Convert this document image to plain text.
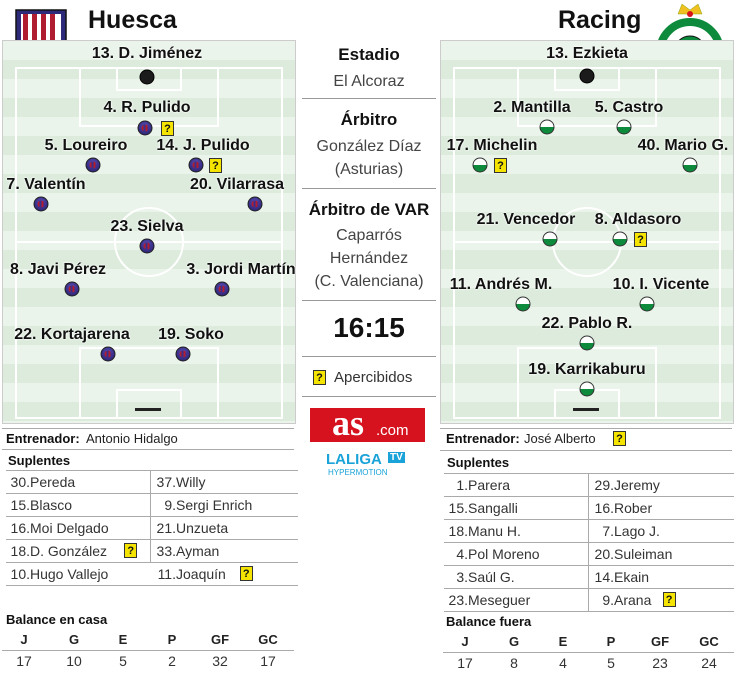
Huesca	Racing
13. D. Jiménez
4. R. Pulido
?
5. Loureiro 14. J. Pulido
?
7. Valentín	20. Vilarrasa
23. Sielva
8. Javi Pérez	3. Jordi Martín
22. Kortajarena 19. Soko
13. Ezkieta
2. Mantilla 5. Castro
17. Michelin
?
40. Mario G.
21. Vencedor 8. Aldasoro
?
11. Andrés M.	10. I. Vicente
22. Pablo R.
19. Karrikaburu
Estadio
El Alcoraz
Árbitro
González Díaz
(Asturias)
Árbitro de VAR
Caparrós
Hernández
(C. Valenciana)
16:15
? Apercibidos
as .com
LALIGA TV
HYPERMOTION
Entrenador: Antonio Hidalgo
Suplentes
30. Pereda	37. Willy
15. Blasco	9. Sergi Enrich
16. Moi Delgado	21. Unzueta
18. D. González ?	33. Ayman
10. Hugo Vallejo	11. Joaquín ?
Balance en casa
J	G	E	P	GF	GC
17	10	5	2	32	17
Entrenador: José Alberto ?
Suplentes
1. Parera	29. Jeremy
15. Sangalli	16. Rober
18. Manu H.	7. Lago J.
4. Pol Moreno	20. Suleiman
3. Saúl G.	14. Ekain
23. Meseguer	9. Arana ?
Balance fuera
J	G	E	P	GF	GC
17	8	4	5	23	24
